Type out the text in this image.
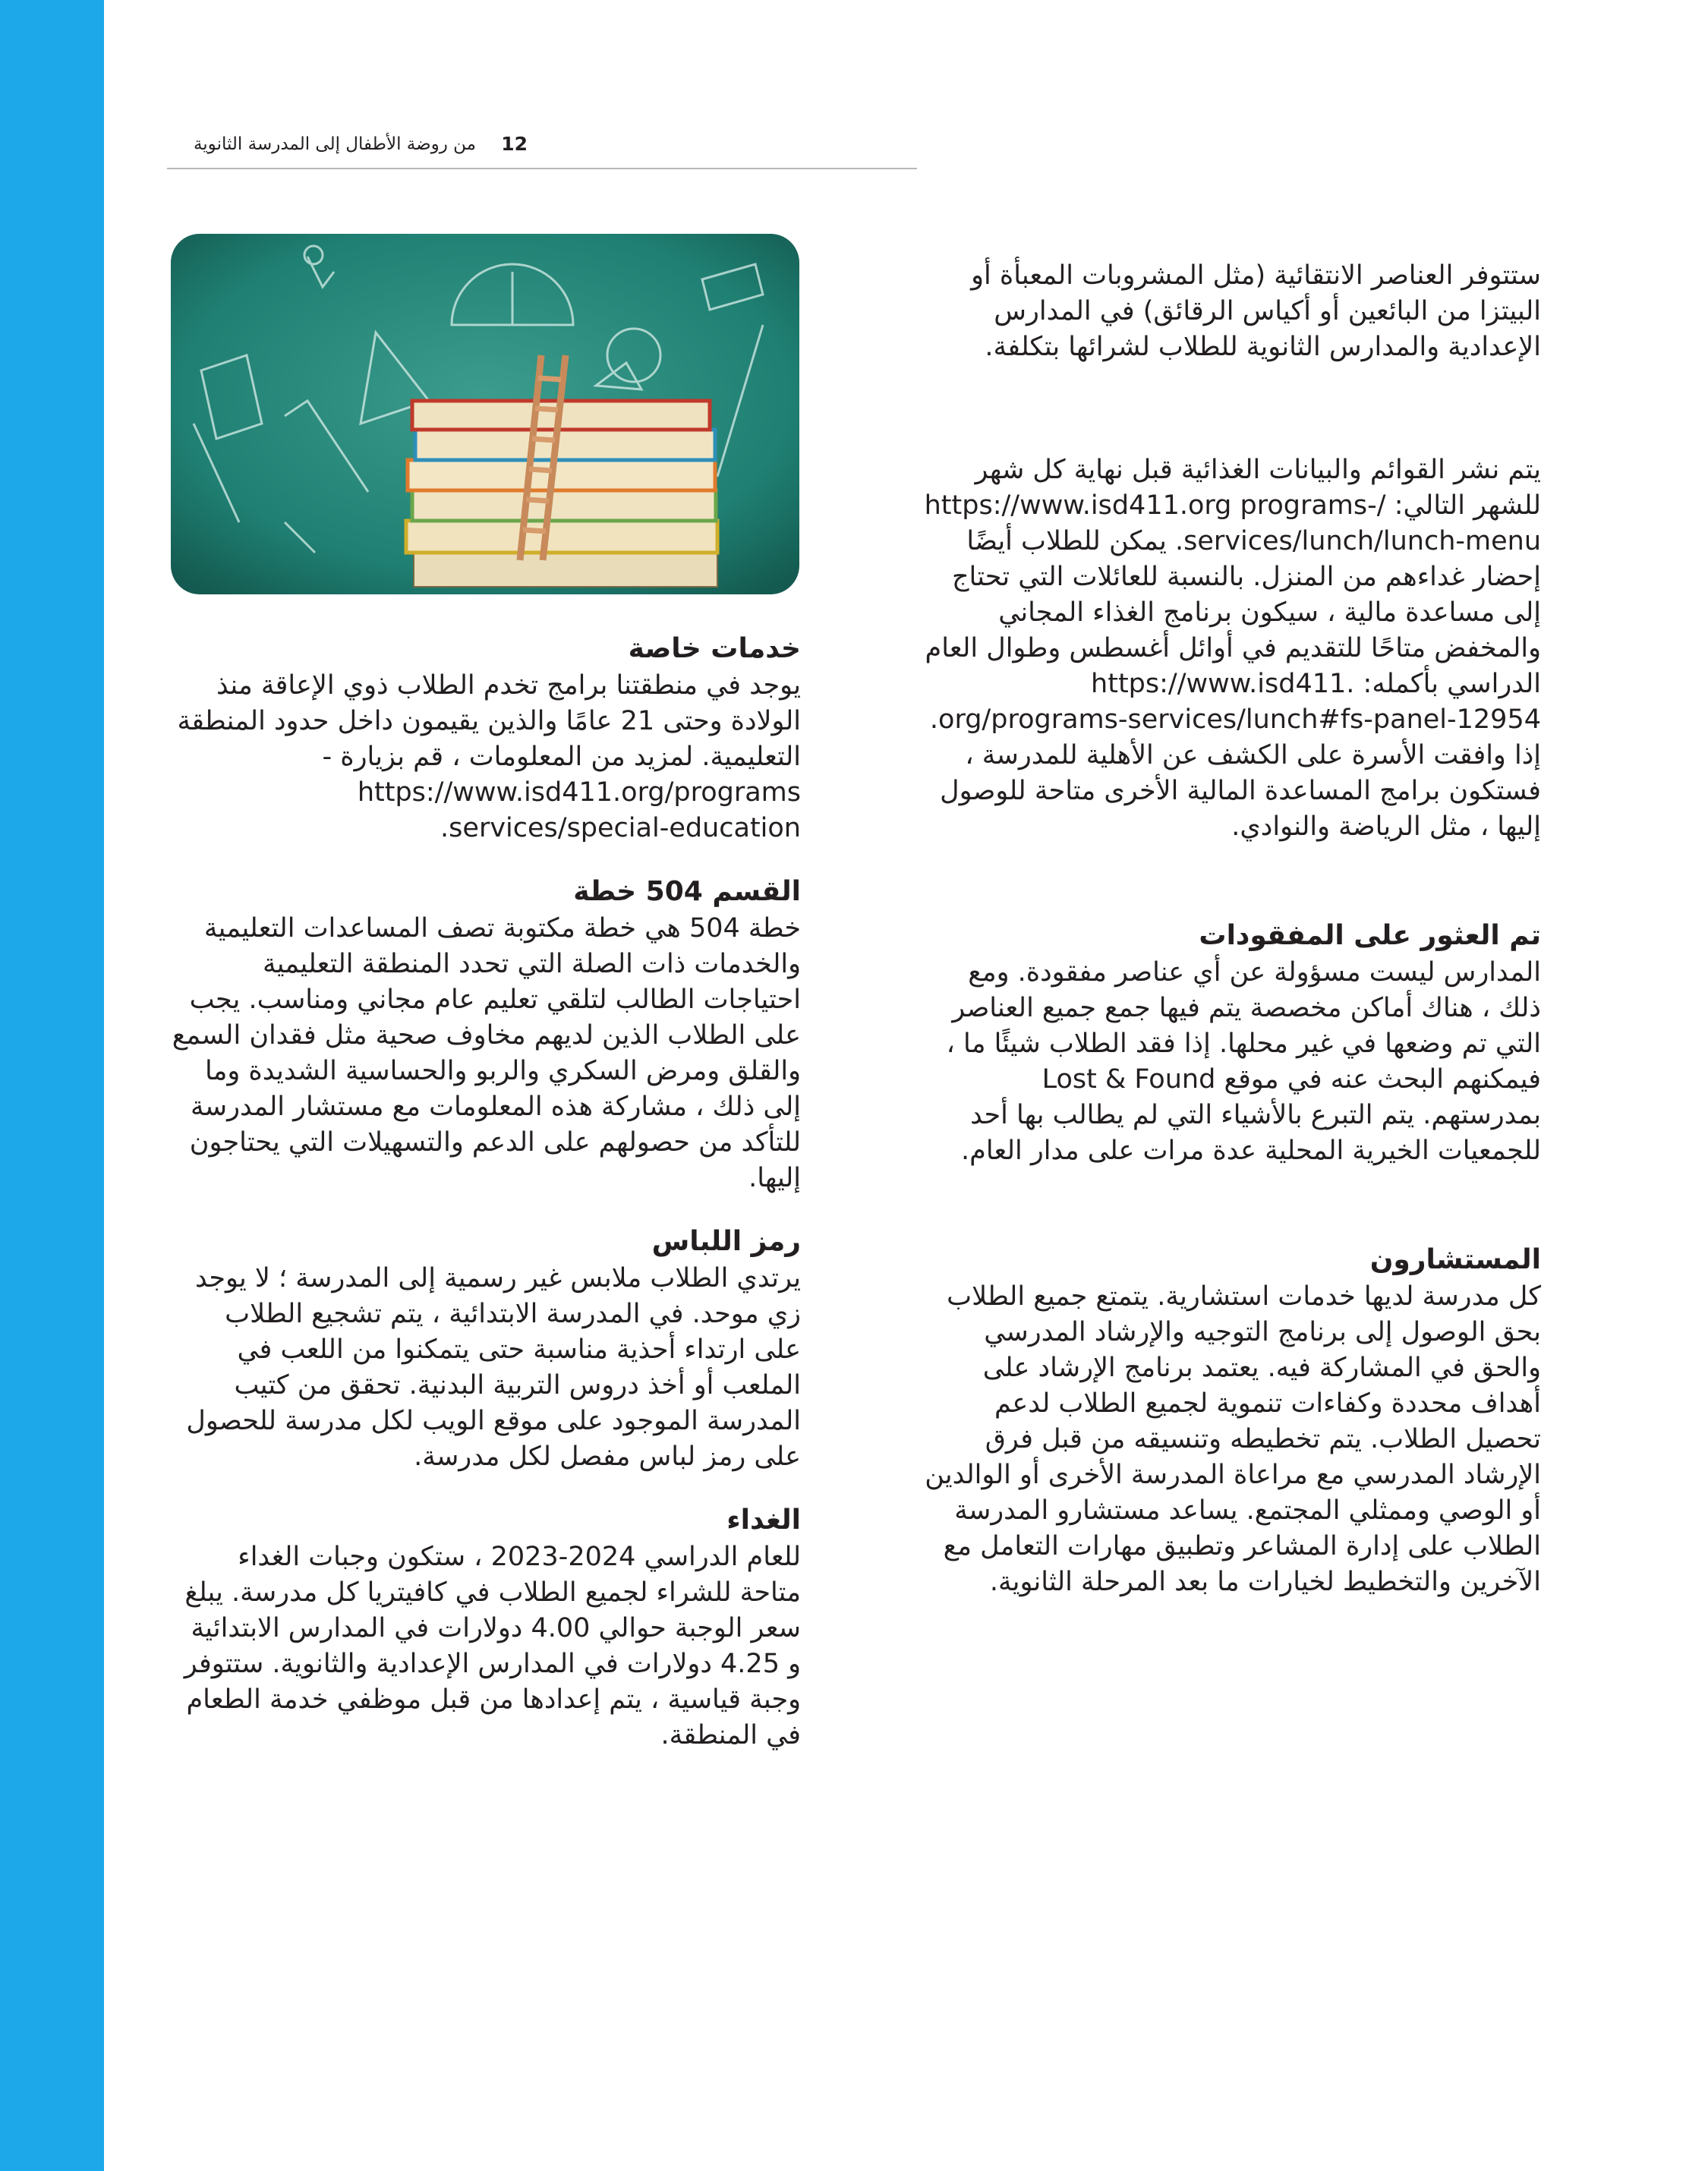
12
من روضة الأطفال إلى المدرسة الثانوية

ستتوفر العناصر الانتقائية (مثل المشروبات المعبأة أو البيتزا من البائعين أو أكياس الرقائق) في المدارس الإعدادية والمدارس الثانوية للطلاب لشرائها بتكلفة.

يتم نشر القوائم والبيانات الغذائية قبل نهاية كل شهر للشهر التالي: /https://www.isd411.org programs-services/lunch/lunch-menu. يمكن للطلاب أيضًا إحضار غداءهم من المنزل. بالنسبة للعائلات التي تحتاج إلى مساعدة مالية ، سيكون برنامج الغذاء المجاني والمخفض متاحًا للتقديم في أوائل أغسطس وطوال العام الدراسي بأكمله: .https://www.isd411 org/programs-services/lunch#fs-panel-12954. إذا وافقت الأسرة على الكشف عن الأهلية للمدرسة ، فستكون برامج المساعدة المالية الأخرى متاحة للوصول إليها ، مثل الرياضة والنوادي.

تم العثور على المفقودات

المدارس ليست مسؤولة عن أي عناصر مفقودة. ومع ذلك ، هناك أماكن مخصصة يتم فيها جمع جميع العناصر التي تم وضعها في غير محلها. إذا فقد الطلاب شيئًا ما ، فيمكنهم البحث عنه في موقع Lost & Found بمدرستهم. يتم التبرع بالأشياء التي لم يطالب بها أحد للجمعيات الخيرية المحلية عدة مرات على مدار العام.

المستشارون

كل مدرسة لديها خدمات استشارية. يتمتع جميع الطلاب بحق الوصول إلى برنامج التوجيه والإرشاد المدرسي والحق في المشاركة فيه. يعتمد برنامج الإرشاد على أهداف محددة وكفاءات تنموية لجميع الطلاب لدعم تحصيل الطلاب. يتم تخطيطه وتنسيقه من قبل فرق الإرشاد المدرسي مع مراعاة المدرسة الأخرى أو الوالدين أو الوصي وممثلي المجتمع. يساعد مستشارو المدرسة الطلاب على إدارة المشاعر وتطبيق مهارات التعامل مع الآخرين والتخطيط لخيارات ما بعد المرحلة الثانوية.

خدمات خاصة

يوجد في منطقتنا برامج تخدم الطلاب ذوي الإعاقة منذ الولادة وحتى 21 عامًا والذين يقيمون داخل حدود المنطقة التعليمية. لمزيد من المعلومات ، قم بزيارة -https://www.isd411.org/programs services/special-education.

القسم 504 خطة

خطة 504 هي خطة مكتوبة تصف المساعدات التعليمية والخدمات ذات الصلة التي تحدد المنطقة التعليمية احتياجات الطالب لتلقي تعليم عام مجاني ومناسب. يجب على الطلاب الذين لديهم مخاوف صحية مثل فقدان السمع والقلق ومرض السكري والربو والحساسية الشديدة وما إلى ذلك ، مشاركة هذه المعلومات مع مستشار المدرسة للتأكد من حصولهم على الدعم والتسهيلات التي يحتاجون إليها.

رمز اللباس

يرتدي الطلاب ملابس غير رسمية إلى المدرسة ؛ لا يوجد زي موحد. في المدرسة الابتدائية ، يتم تشجيع الطلاب على ارتداء أحذية مناسبة حتى يتمكنوا من اللعب في الملعب أو أخذ دروس التربية البدنية. تحقق من كتيب المدرسة الموجود على موقع الويب لكل مدرسة للحصول على رمز لباس مفصل لكل مدرسة.

الغداء

للعام الدراسي 2024-2023 ، ستكون وجبات الغداء متاحة للشراء لجميع الطلاب في كافيتريا كل مدرسة. يبلغ سعر الوجبة حوالي 4.00 دولارات في المدارس الابتدائية و 4.25 دولارات في المدارس الإعدادية والثانوية. ستتوفر وجبة قياسية ، يتم إعدادها من قبل موظفي خدمة الطعام في المنطقة.
